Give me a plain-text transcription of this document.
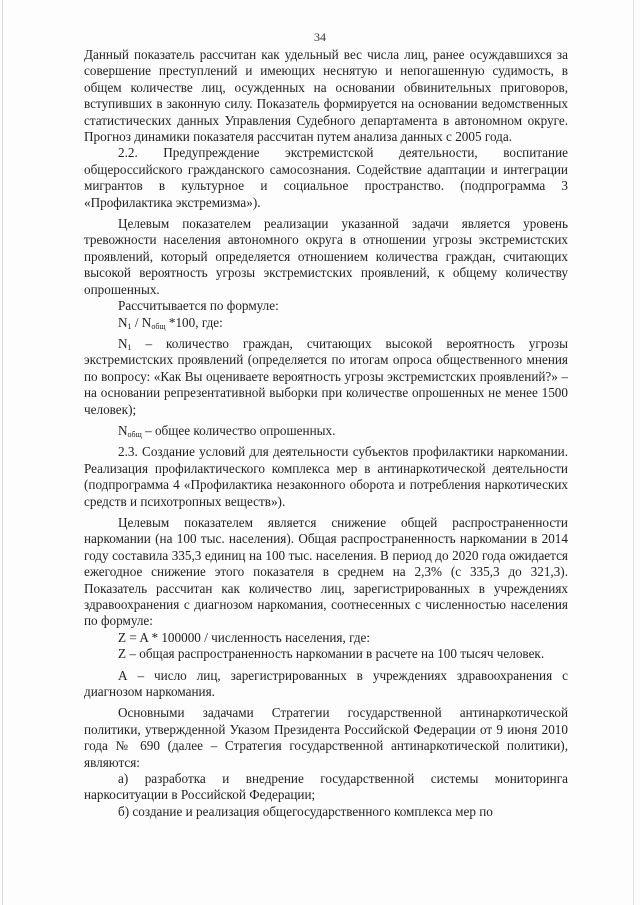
34

Данный показатель рассчитан как удельный вес числа лиц, ранее осуждавшихся за совершение преступлений и имеющих неснятую и непогашенную судимость, в общем количестве лиц, осужденных на основании обвинительных приговоров, вступивших в законную силу. Показатель формируется на основании ведомственных статистических данных Управления Судебного департамента в автономном округе. Прогноз динамики показателя рассчитан путем анализа данных с 2005 года.

2.2. Предупреждение экстремистской деятельности, воспитание общероссийского гражданского самосознания. Содействие адаптации и интеграции мигрантов в культурное и социальное пространство. (подпрограмма 3 «Профилактика экстремизма»).

Целевым показателем реализации указанной задачи является уровень тревожности населения автономного округа в отношении угрозы экстремистских проявлений, который определяется отношением количества граждан, считающих высокой вероятность угрозы экстремистских проявлений, к общему количеству опрошенных.

Рассчитывается по формуле:

$N_1 / N_{общ}$ *100, где:

$N_1$ – количество граждан, считающих высокой вероятность угрозы экстремистских проявлений (определяется по итогам опроса общественного мнения по вопросу: «Как Вы оцениваете вероятность угрозы экстремистских проявлений?» – на основании репрезентативной выборки при количестве опрошенных не менее 1500 человек);

$N_{общ}$ – общее количество опрошенных.

2.3. Создание условий для деятельности субъектов профилактики наркомании. Реализация профилактического комплекса мер в антинаркотической деятельности (подпрограмма 4 «Профилактика незаконного оборота и потребления наркотических средств и психотропных веществ»).

Целевым показателем является снижение общей распространенности наркомании (на 100 тыс. населения). Общая распространенность наркомании в 2014 году составила 335,3 единиц на 100 тыс. населения. В период до 2020 года ожидается ежегодное снижение этого показателя в среднем на 2,3% (с 335,3 до 321,3). Показатель рассчитан как количество лиц, зарегистрированных в учреждениях здравоохранения с диагнозом наркомания, соотнесенных с численностью населения по формуле:

Z = A * 100000 / численность населения, где:

Z – общая распространенность наркомании в расчете на 100 тысяч человек.

А – число лиц, зарегистрированных в учреждениях здравоохранения с диагнозом наркомания.

Основными задачами Стратегии государственной антинаркотической политики, утвержденной Указом Президента Российской Федерации от 9 июня 2010 года № 690 (далее – Стратегия государственной антинаркотической политики), являются:

а) разработка и внедрение государственной системы мониторинга наркоситуации в Российской Федерации;

б) создание и реализация общегосударственного комплекса мер по
